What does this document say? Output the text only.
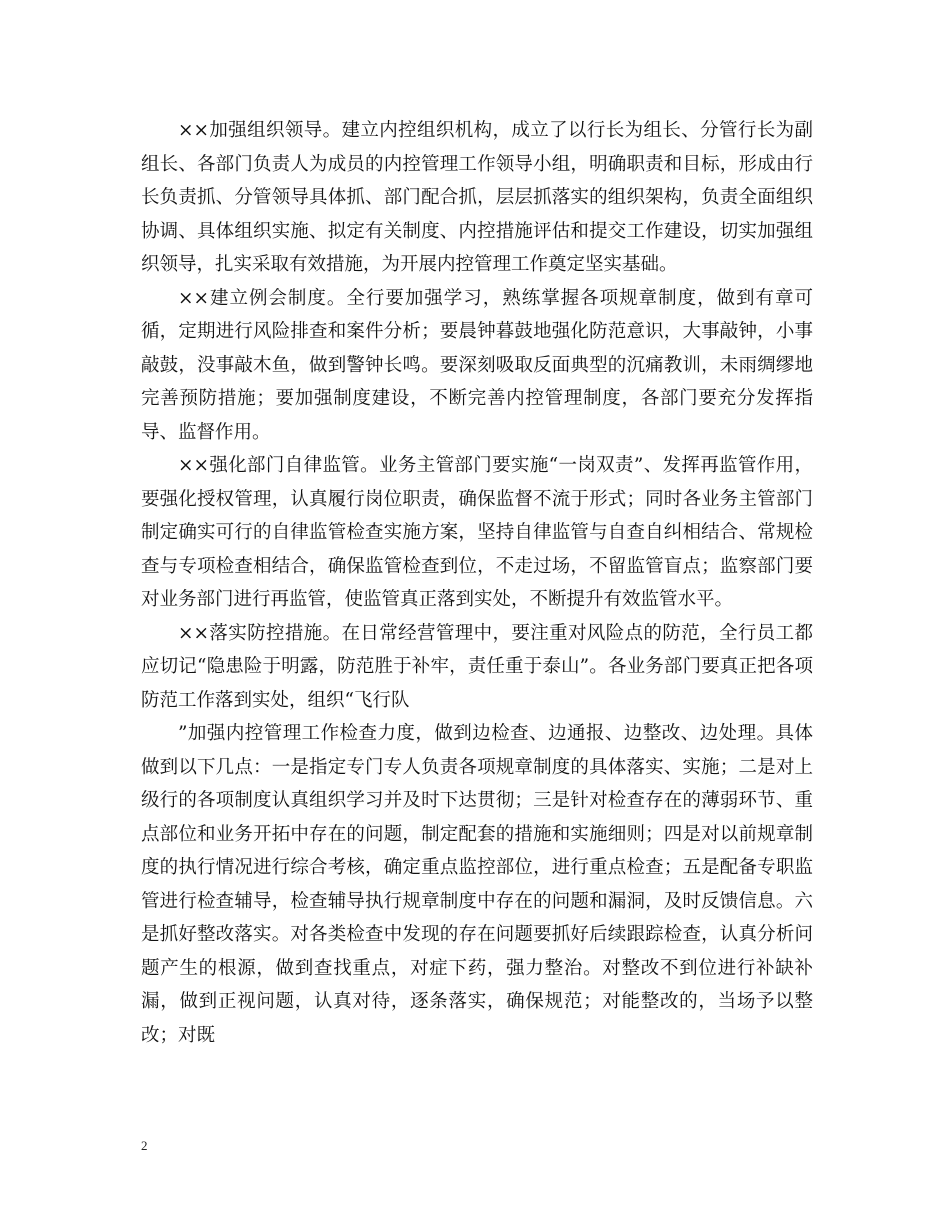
××加强组织领导。建立内控组织机构，成立了以行长为组长、分管行长为副组长、各部门负责人为成员的内控管理工作领导小组，明确职责和目标，形成由行长负责抓、分管领导具体抓、部门配合抓，层层抓落实的组织架构，负责全面组织协调、具体组织实施、拟定有关制度、内控措施评估和提交工作建设，切实加强组织领导，扎实采取有效措施，为开展内控管理工作奠定坚实基础。

××建立例会制度。全行要加强学习，熟练掌握各项规章制度，做到有章可循，定期进行风险排查和案件分析；要晨钟暮鼓地强化防范意识，大事敲钟，小事敲鼓，没事敲木鱼，做到警钟长鸣。要深刻吸取反面典型的沉痛教训，未雨绸缪地完善预防措施；要加强制度建设，不断完善内控管理制度，各部门要充分发挥指导、监督作用。

××强化部门自律监管。业务主管部门要实施“一岗双责”、发挥再监管作用，要强化授权管理，认真履行岗位职责，确保监督不流于形式；同时各业务主管部门制定确实可行的自律监管检查实施方案，坚持自律监管与自查自纠相结合、常规检查与专项检查相结合，确保监管检查到位，不走过场，不留监管盲点；监察部门要对业务部门进行再监管，使监管真正落到实处，不断提升有效监管水平。

××落实防控措施。在日常经营管理中，要注重对风险点的防范，全行员工都应切记“隐患险于明露，防范胜于补牢，责任重于泰山”。各业务部门要真正把各项防范工作落到实处，组织“飞行队

”加强内控管理工作检查力度，做到边检查、边通报、边整改、边处理。具体做到以下几点：一是指定专门专人负责各项规章制度的具体落实、实施；二是对上级行的各项制度认真组织学习并及时下达贯彻；三是针对检查存在的薄弱环节、重点部位和业务开拓中存在的问题，制定配套的措施和实施细则；四是对以前规章制度的执行情况进行综合考核，确定重点监控部位，进行重点检查；五是配备专职监管进行检查辅导，检查辅导执行规章制度中存在的问题和漏洞，及时反馈信息。六是抓好整改落实。对各类检查中发现的存在问题要抓好后续跟踪检查，认真分析问题产生的根源，做到查找重点，对症下药，强力整治。对整改不到位进行补缺补漏，做到正视问题，认真对待，逐条落实，确保规范；对能整改的，当场予以整改；对既

2
